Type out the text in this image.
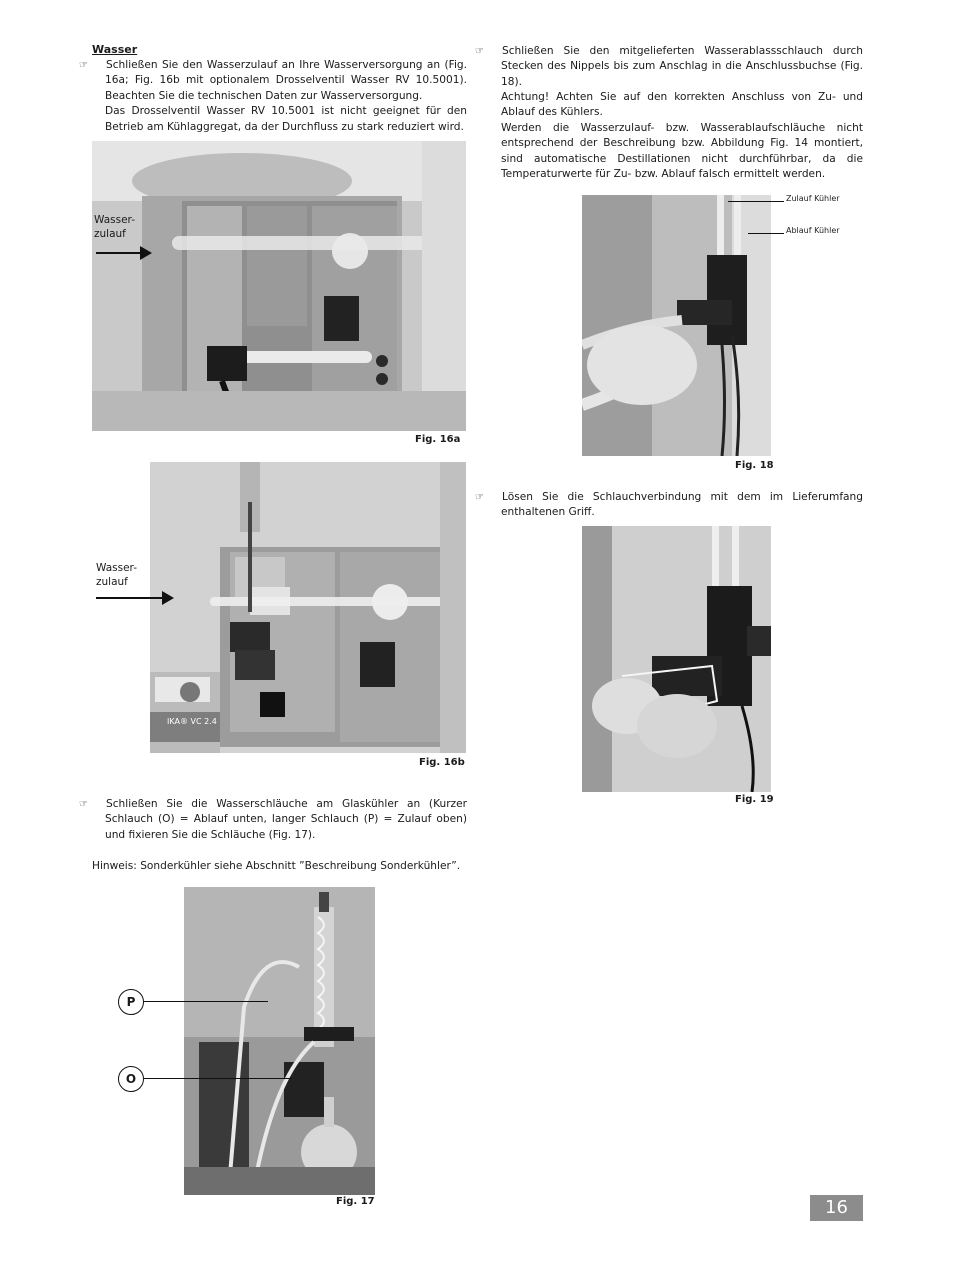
Wasser
☞ Schließen Sie den Wasserzulauf an Ihre Wasserversorgung an (Fig. 16a; Fig. 16b mit optionalem Drosselventil Wasser RV 10.5001). Beachten Sie die technischen Daten zur Wasserversorgung.
Das Drosselventil Wasser RV 10.5001 ist nicht geeignet für den Betrieb am Kühlaggregat, da der Durchfluss zu stark reduziert wird.
Wasser-
zulauf
Fig. 16a
IKA® VC 2.4
Wasser-
zulauf
Fig. 16b
☞ Schließen Sie die Wasserschläuche am Glaskühler an (Kurzer Schlauch (O) = Ablauf unten, langer Schlauch (P) = Zulauf oben) und fixieren Sie die Schläuche (Fig. 17).
Hinweis: Sonderkühler siehe Abschnitt ”Beschreibung Sonderkühler”.
P
O
Fig. 17
☞ Schließen Sie den mitgelieferten Wasserablassschlauch durch Stecken des Nippels bis zum Anschlag in die Anschlussbuchse (Fig. 18).
Achtung! Achten Sie auf den korrekten Anschluss von Zu- und Ablauf des Kühlers.
Werden die Wasserzulauf- bzw. Wasserablaufschläuche nicht entsprechend der Beschreibung bzw. Abbildung Fig. 14 montiert, sind automatische Destillationen nicht durchführbar, da die Temperaturwerte für Zu- bzw. Ablauf falsch ermittelt werden.
Zulauf Kühler
Ablauf Kühler
Fig. 18
☞ Lösen Sie die Schlauchverbindung mit dem im Lieferumfang enthaltenen Griff.
Fig. 19
16
